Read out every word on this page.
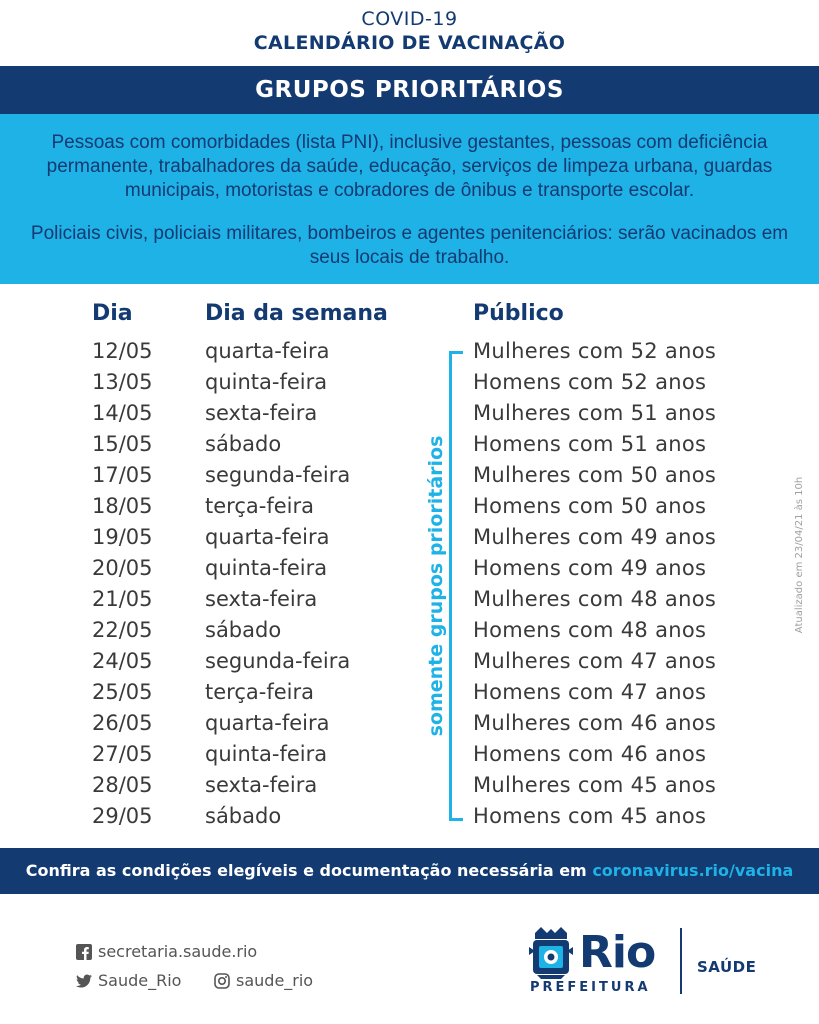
COVID-19
CALENDÁRIO DE VACINAÇÃO
GRUPOS PRIORITÁRIOS

Pessoas com comorbidades (lista PNI), inclusive gestantes, pessoas com deficiência permanente, trabalhadores da saúde, educação, serviços de limpeza urbana, guardas municipais, motoristas e cobradores de ônibus e transporte escolar.

Policiais civis, policiais militares, bombeiros e agentes penitenciários: serão vacinados em seus locais de trabalho.

Dia	Dia da semana	Público
12/05 quarta-feira	Mulheres com 52 anos
13/05 quinta-feira	Homens com 52 anos
14/05 sexta-feira	Mulheres com 51 anos
15/05 sábado	Homens com 51 anos
17/05 segunda-feira	Mulheres com 50 anos
18/05 terça-feira	Homens com 50 anos
19/05 quarta-feira	Mulheres com 49 anos
20/05 quinta-feira	Homens com 49 anos
21/05 sexta-feira	Mulheres com 48 anos
22/05 sábado	Homens com 48 anos
24/05 segunda-feira	Mulheres com 47 anos
25/05 terça-feira	Homens com 47 anos
26/05 quarta-feira	Mulheres com 46 anos
27/05 quinta-feira	Homens com 46 anos
28/05 sexta-feira	Mulheres com 45 anos
29/05 sábado	Homens com 45 anos
somente grupos prioritários	Atualizado em 23/04/21 às 10h
Confira as condições elegíveis e documentação necessária em coronavirus.rio/vacina
secretaria.saude.rio
Saude_Rio	saude_rio
Rio
PREFEITURA
SAÚDE
